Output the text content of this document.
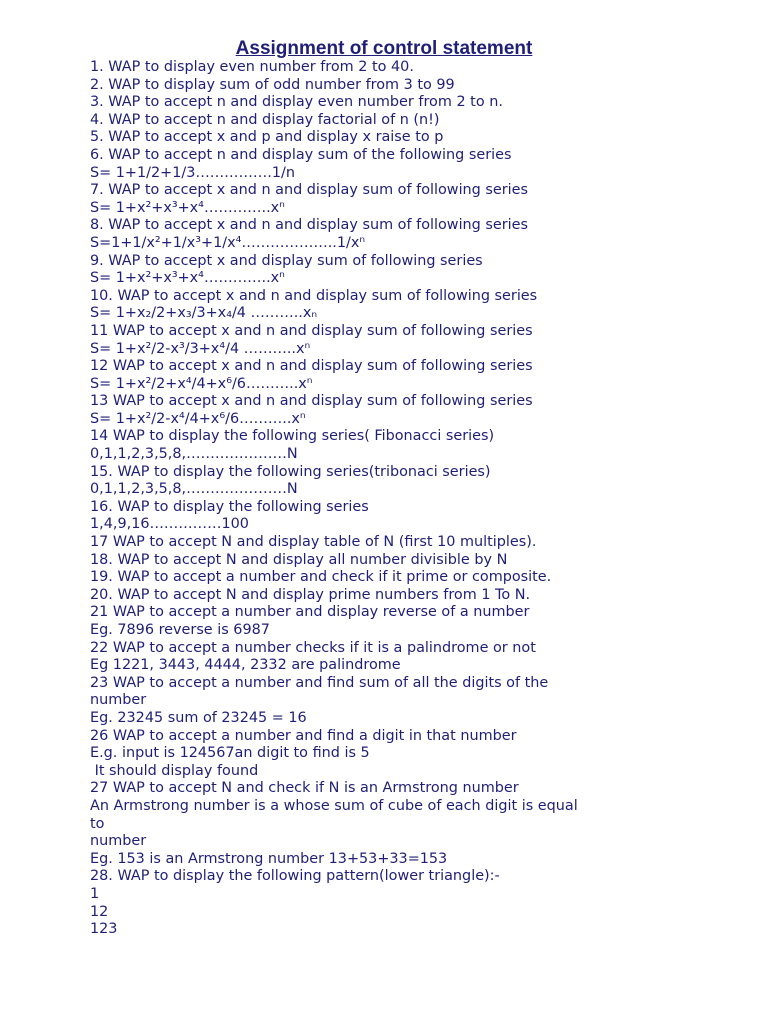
Assignment of control statement
1. WAP to display even number from 2 to 40.
2. WAP to display sum of odd number from 3 to 99
3. WAP to accept n and display even number from 2 to n.
4. WAP to accept n and display factorial of n (n!)
5. WAP to accept x and p and display x raise to p
6. WAP to accept n and display sum of the following series
S= 1+1/2+1/3…………….1/n
7. WAP to accept x and n and display sum of following series
S= 1+x²+x³+x⁴…………..xⁿ
8. WAP to accept x and n and display sum of following series
S=1+1/x²+1/x³+1/x⁴………………..1/xⁿ
9. WAP to accept x and display sum of following series
S= 1+x²+x³+x⁴…………..xⁿ
10. WAP to accept x and n and display sum of following series
S= 1+x₂/2+x₃/3+x₄/4 ………..xₙ
11 WAP to accept x and n and display sum of following series
S= 1+x²/2-x³/3+x⁴/4 ………..xⁿ
12 WAP to accept x and n and display sum of following series
S= 1+x²/2+x⁴/4+x⁶/6………..xⁿ
13 WAP to accept x and n and display sum of following series
S= 1+x²/2-x⁴/4+x⁶/6………..xⁿ
14 WAP to display the following series( Fibonacci series)
0,1,1,2,3,5,8,…………………N
15. WAP to display the following series(tribonaci series)
0,1,1,2,3,5,8,…………………N
16. WAP to display the following series
1,4,9,16……………100
17 WAP to accept N and display table of N (first 10 multiples).
18. WAP to accept N and display all number divisible by N
19. WAP to accept a number and check if it prime or composite.
20. WAP to accept N and display prime numbers from 1 To N.
21 WAP to accept a number and display reverse of a number
Eg. 7896 reverse is 6987
22 WAP to accept a number checks if it is a palindrome or not
Eg 1221, 3443, 4444, 2332 are palindrome
23 WAP to accept a number and find sum of all the digits of the
number
Eg. 23245 sum of 23245 = 16
26 WAP to accept a number and find a digit in that number
E.g. input is 124567an digit to find is 5
It should display found
27 WAP to accept N and check if N is an Armstrong number
An Armstrong number is a whose sum of cube of each digit is equal
to
number
Eg. 153 is an Armstrong number 13+53+33=153
28. WAP to display the following pattern(lower triangle):-
1
12
123
